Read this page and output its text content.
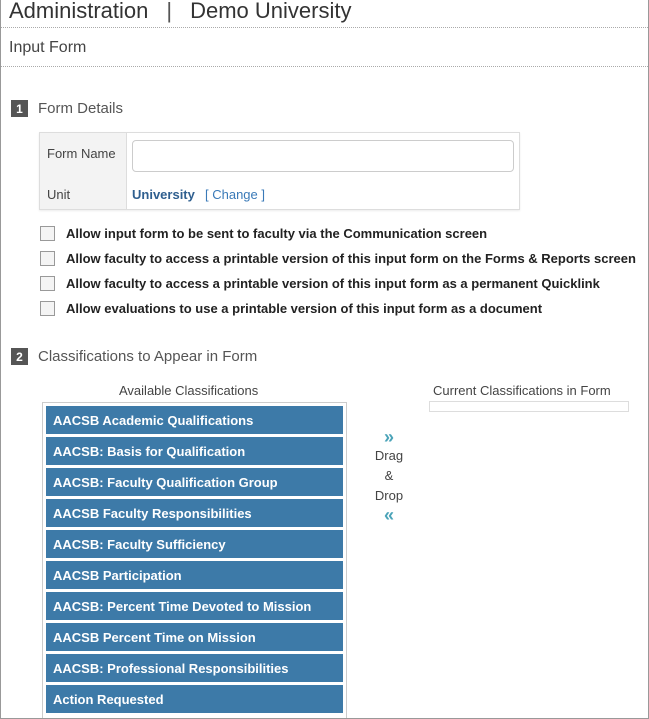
Administration | Demo University
Input Form
1	Form Details
Form Name
Unit	University [ Change ]
Allow input form to be sent to faculty via the Communication screen
Allow faculty to access a printable version of this input form on the Forms & Reports screen
Allow faculty to access a printable version of this input form as a permanent Quicklink
Allow evaluations to use a printable version of this input form as a document
2	Classifications to Appear in Form
Available Classifications	Current Classifications in Form
AACSB Academic Qualifications
AACSB: Basis for Qualification
AACSB: Faculty Qualification Group
AACSB Faculty Responsibilities
AACSB: Faculty Sufficiency
AACSB Participation
AACSB: Percent Time Devoted to Mission
AACSB Percent Time on Mission
AACSB: Professional Responsibilities
Action Requested
»
Drag
&
Drop
«
